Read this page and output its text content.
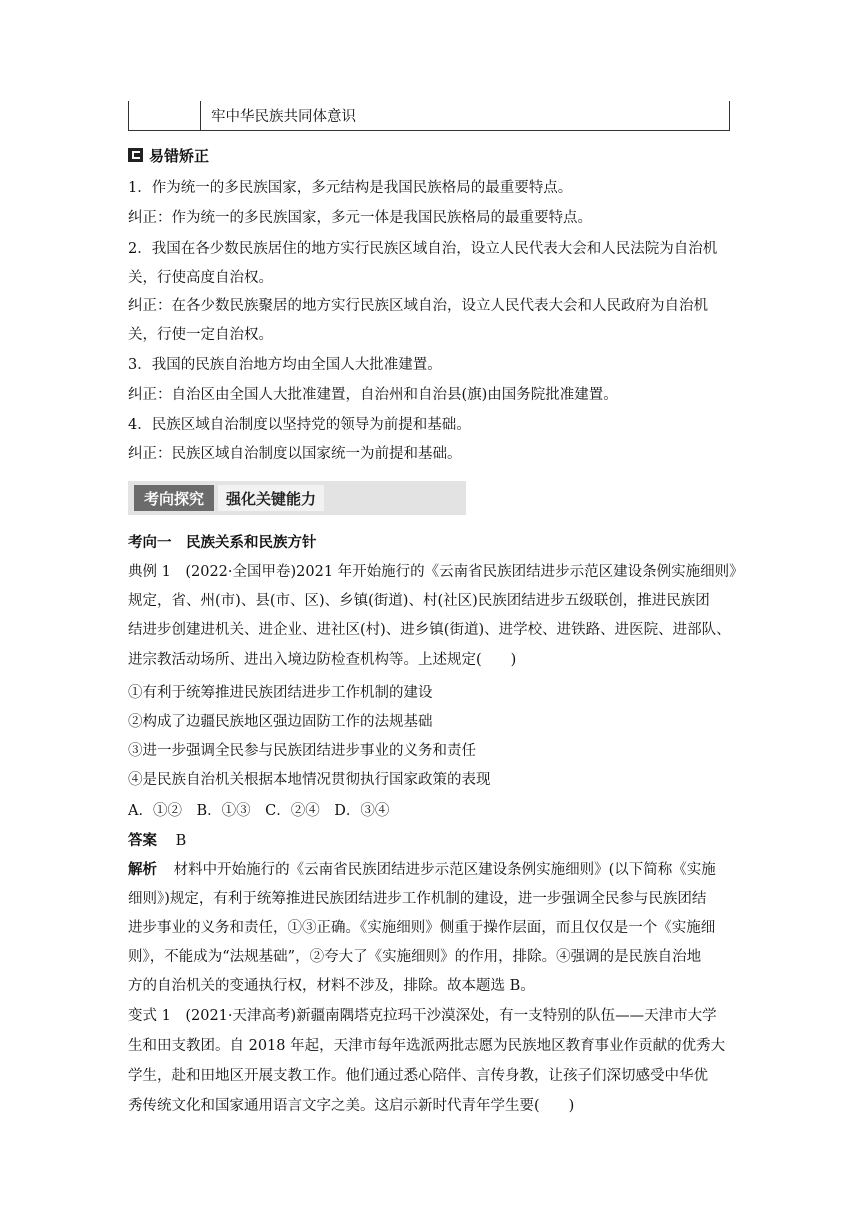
牢中华民族共同体意识
易错矫正
1．作为统一的多民族国家，多元结构是我国民族格局的最重要特点。
纠正：作为统一的多民族国家，多元一体是我国民族格局的最重要特点。
2．我国在各少数民族居住的地方实行民族区域自治，设立人民代表大会和人民法院为自治机
关，行使高度自治权。
纠正：在各少数民族聚居的地方实行民族区域自治，设立人民代表大会和人民政府为自治机
关，行使一定自治权。
3．我国的民族自治地方均由全国人大批准建置。
纠正：自治区由全国人大批准建置，自治州和自治县(旗)由国务院批准建置。
4．民族区域自治制度以坚持党的领导为前提和基础。
纠正：民族区域自治制度以国家统一为前提和基础。
考向探究	强化关键能力
考向一　民族关系和民族方针
典例 1　(2022·全国甲卷)2021 年开始施行的《云南省民族团结进步示范区建设条例实施细则》
规定，省、州(市)、县(市、区)、乡镇(街道)、村(社区)民族团结进步五级联创，推进民族团
结进步创建进机关、进企业、进社区(村)、进乡镇(街道)、进学校、进铁路、进医院、进部队、
进宗教活动场所、进出入境边防检查机构等。上述规定(　　)
①有利于统筹推进民族团结进步工作机制的建设
②构成了边疆民族地区强边固防工作的法规基础
③进一步强调全民参与民族团结进步事业的义务和责任
④是民族自治机关根据本地情况贯彻执行国家政策的表现
A．①②　B．①③　C．②④　D．③④
答案 B
解析 材料中开始施行的《云南省民族团结进步示范区建设条例实施细则》(以下简称《实施
细则》)规定，有利于统筹推进民族团结进步工作机制的建设，进一步强调全民参与民族团结
进步事业的义务和责任，①③正确。《实施细则》侧重于操作层面，而且仅仅是一个《实施细
则》，不能成为“法规基础”，②夸大了《实施细则》的作用，排除。④强调的是民族自治地
方的自治机关的变通执行权，材料不涉及，排除。故本题选 B。
变式 1　(2021·天津高考)新疆南隅塔克拉玛干沙漠深处，有一支特别的队伍——天津市大学
生和田支教团。自 2018 年起，天津市每年选派两批志愿为民族地区教育事业作贡献的优秀大
学生，赴和田地区开展支教工作。他们通过悉心陪伴、言传身教，让孩子们深切感受中华优
秀传统文化和国家通用语言文字之美。这启示新时代青年学生要(　　)
